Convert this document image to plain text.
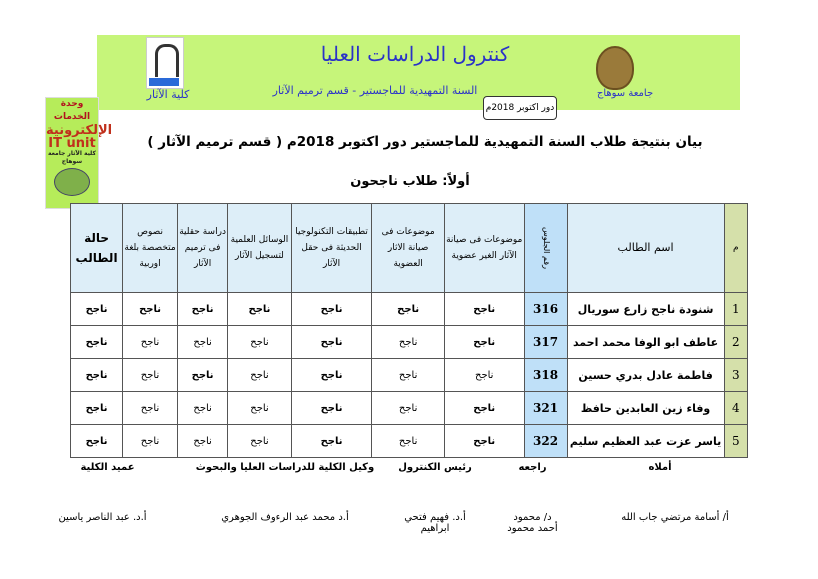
كنترول الدراسات العليا
السنة التمهيدية للماجستير - قسم ترميم الآثار	جامعة سوهاج
كلية الآثار
دور اكتوبر 2018م
وحدة الخدمات
الإلكترونية
IT unit
كلية الآثار جامعة سوهاج
بيان بنتيجة طلاب السنة التمهيدية للماجستير دور اكتوبر 2018م ( قسم ترميم الآثار )
أولاً: طلاب ناجحون
م	اسم الطالب	رقم الجلوس	موضوعات فى صيانة الآثار الغير عضوية	موضوعات فى صيانة الاثار العضوية	تطبيقات التكنولوجيا الحديثة فى حقل الآثار	الوسائل العلمية لتسجيل الآثار	دراسة حقلية فى ترميم الآثار	نصوص متخصصة بلغة اوربية	حالة الطالب
1	شنودة ناجح زارع سوريال	316	ناجح	ناجح	ناجح	ناجح	ناجح	ناجح	ناجح
2	عاطف ابو الوفا محمد احمد	317	ناجح	ناجح	ناجح	ناجح	ناجح	ناجح	ناجح
3	فاطمة عادل بدري حسين	318	ناجح	ناجح	ناجح	ناجح	ناجح	ناجح	ناجح
4	وفاء زين العابدين حافظ	321	ناجح	ناجح	ناجح	ناجح	ناجح	ناجح	ناجح
5	ياسر عزت عبد العظيم سليم	322	ناجح	ناجح	ناجح	ناجح	ناجح	ناجح	ناجح
أملاه
أ/ أسامة مرتضي جاب الله
راجعه
د/ محمود أحمد محمود
رئيس الكنترول
أ.د. فهيم فتحي ابراهيم
وكيل الكلية للدراسات العليا والبحوث
أ.د محمد عبد الرءوف الجوهري
عميد الكلية
أ.د. عبد الناصر ياسين
